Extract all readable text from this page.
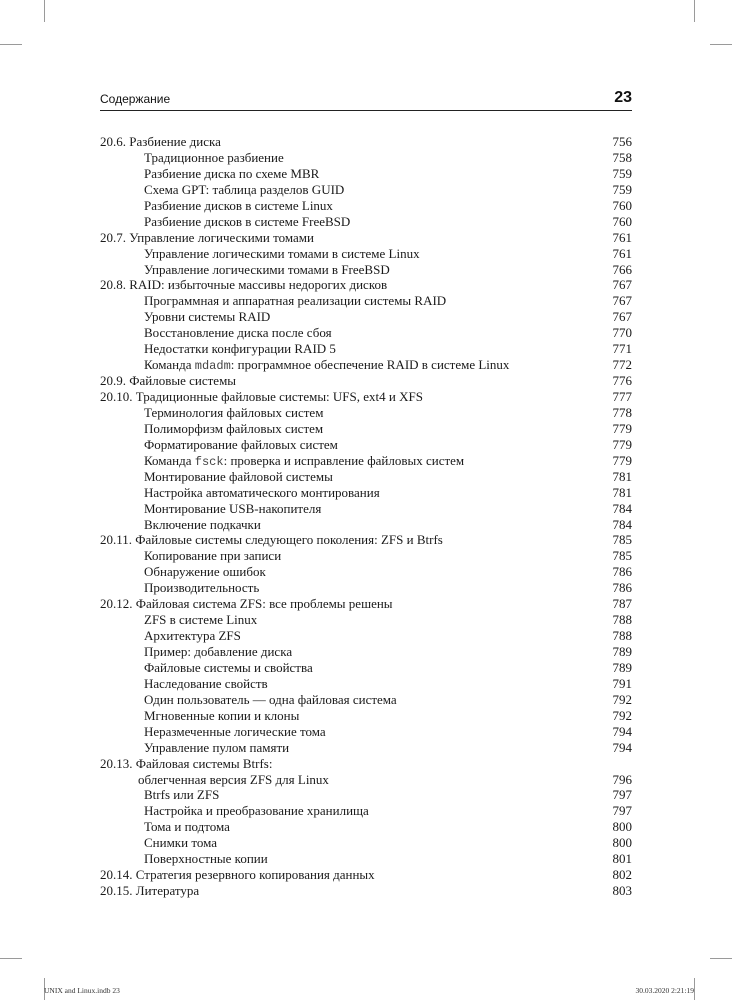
Содержание	23
20.6. Разбиение диска	756
Традиционное разбиение	758
Разбиение диска по схеме MBR	759
Схема GPT: таблица разделов GUID	759
Разбиение дисков в системе Linux	760
Разбиение дисков в системе FreeBSD	760
20.7. Управление логическими томами	761
Управление логическими томами в системе Linux	761
Управление логическими томами в FreeBSD	766
20.8. RAID: избыточные массивы недорогих дисков	767
Программная и аппаратная реализации системы RAID	767
Уровни системы RAID	767
Восстановление диска после сбоя	770
Недостатки конфигурации RAID 5	771
Команда mdadm: программное обеспечение RAID в системе Linux	772
20.9. Файловые системы	776
20.10. Традиционные файловые системы: UFS, ext4 и XFS	777
Терминология файловых систем	778
Полиморфизм файловых систем	779
Форматирование файловых систем	779
Команда fsck: проверка и исправление файловых систем	779
Монтирование файловой системы	781
Настройка автоматического монтирования	781
Монтирование USB-накопителя	784
Включение подкачки	784
20.11. Файловые системы следующего поколения: ZFS и Btrfs	785
Копирование при записи	785
Обнаружение ошибок	786
Производительность	786
20.12. Файловая система ZFS: все проблемы решены	787
ZFS в системе Linux	788
Архитектура ZFS	788
Пример: добавление диска	789
Файловые системы и свойства	789
Наследование свойств	791
Один пользователь — одна файловая система	792
Мгновенные копии и клоны	792
Неразмеченные логические тома	794
Управление пулом памяти	794
20.13. Файловая системы Btrfs:
облегченная версия ZFS для Linux	796
Btrfs или ZFS	797
Настройка и преобразование хранилища	797
Тома и подтома	800
Снимки тома	800
Поверхностные копии	801
20.14. Стратегия резервного копирования данных	802
20.15. Литература	803
UNIX and Linux.indb 23	30.03.2020 2:21:19
